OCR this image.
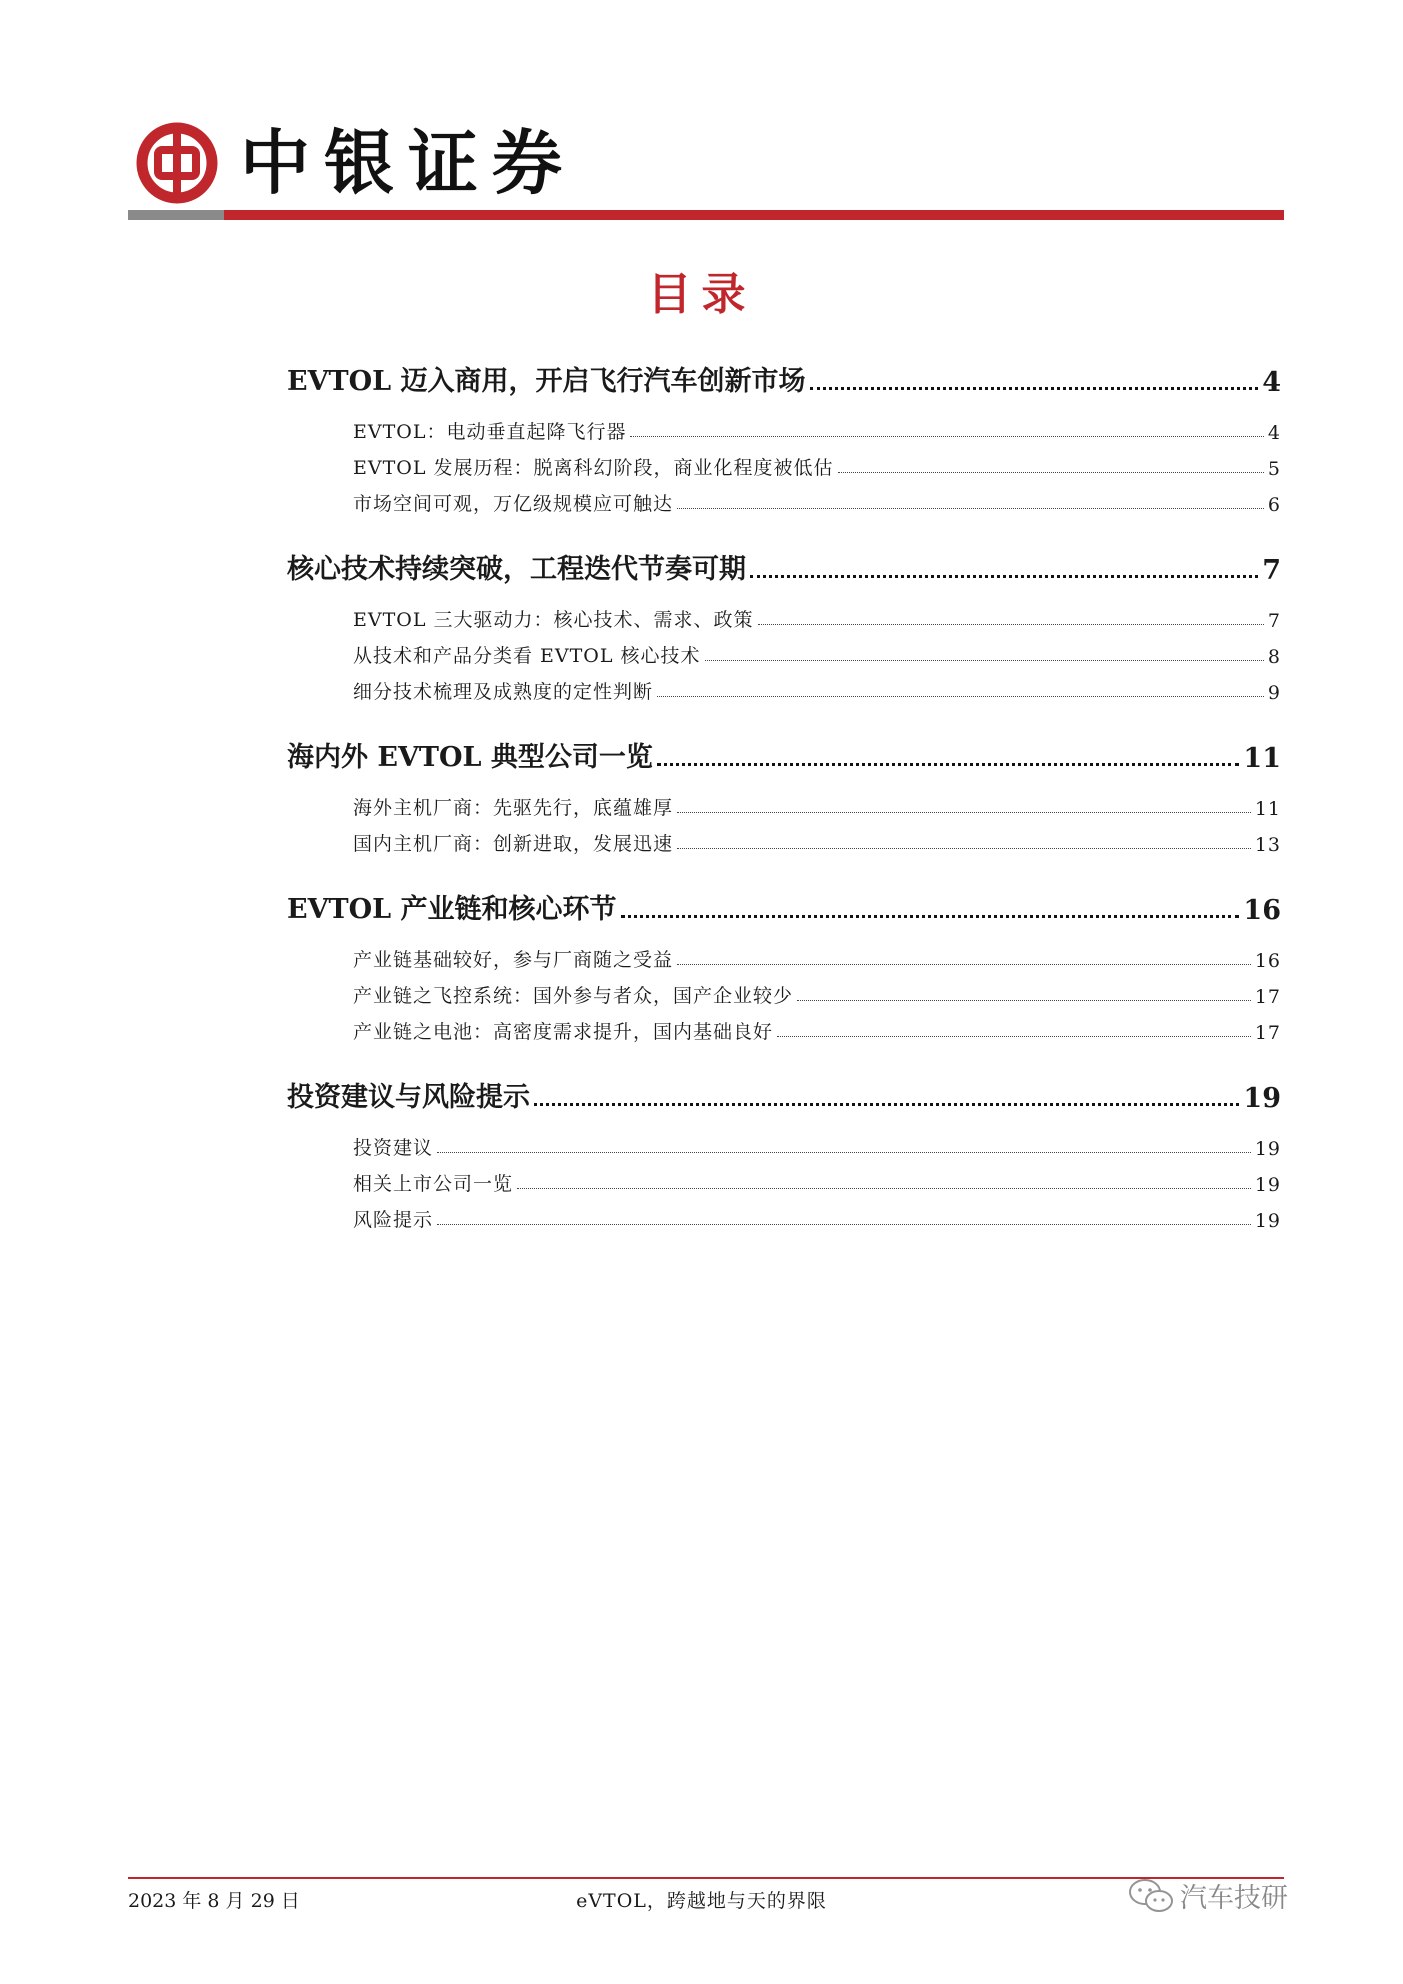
中银证券
目录
EVTOL 迈入商用，开启飞行汽车创新市场	4
EVTOL：电动垂直起降飞行器	4
EVTOL 发展历程：脱离科幻阶段，商业化程度被低估	5
市场空间可观，万亿级规模应可触达	6
核心技术持续突破，工程迭代节奏可期	7
EVTOL 三大驱动力：核心技术、需求、政策	7
从技术和产品分类看 EVTOL 核心技术	8
细分技术梳理及成熟度的定性判断	9
海内外 EVTOL 典型公司一览	11
海外主机厂商：先驱先行，底蕴雄厚	11
国内主机厂商：创新进取，发展迅速	13
EVTOL 产业链和核心环节	16
产业链基础较好，参与厂商随之受益	16
产业链之飞控系统：国外参与者众，国产企业较少	17
产业链之电池：高密度需求提升，国内基础良好	17
投资建议与风险提示	19
投资建议	19
相关上市公司一览	19
风险提示	19
2023 年 8 月 29 日	eVTOL，跨越地与天的界限	汽车技研
